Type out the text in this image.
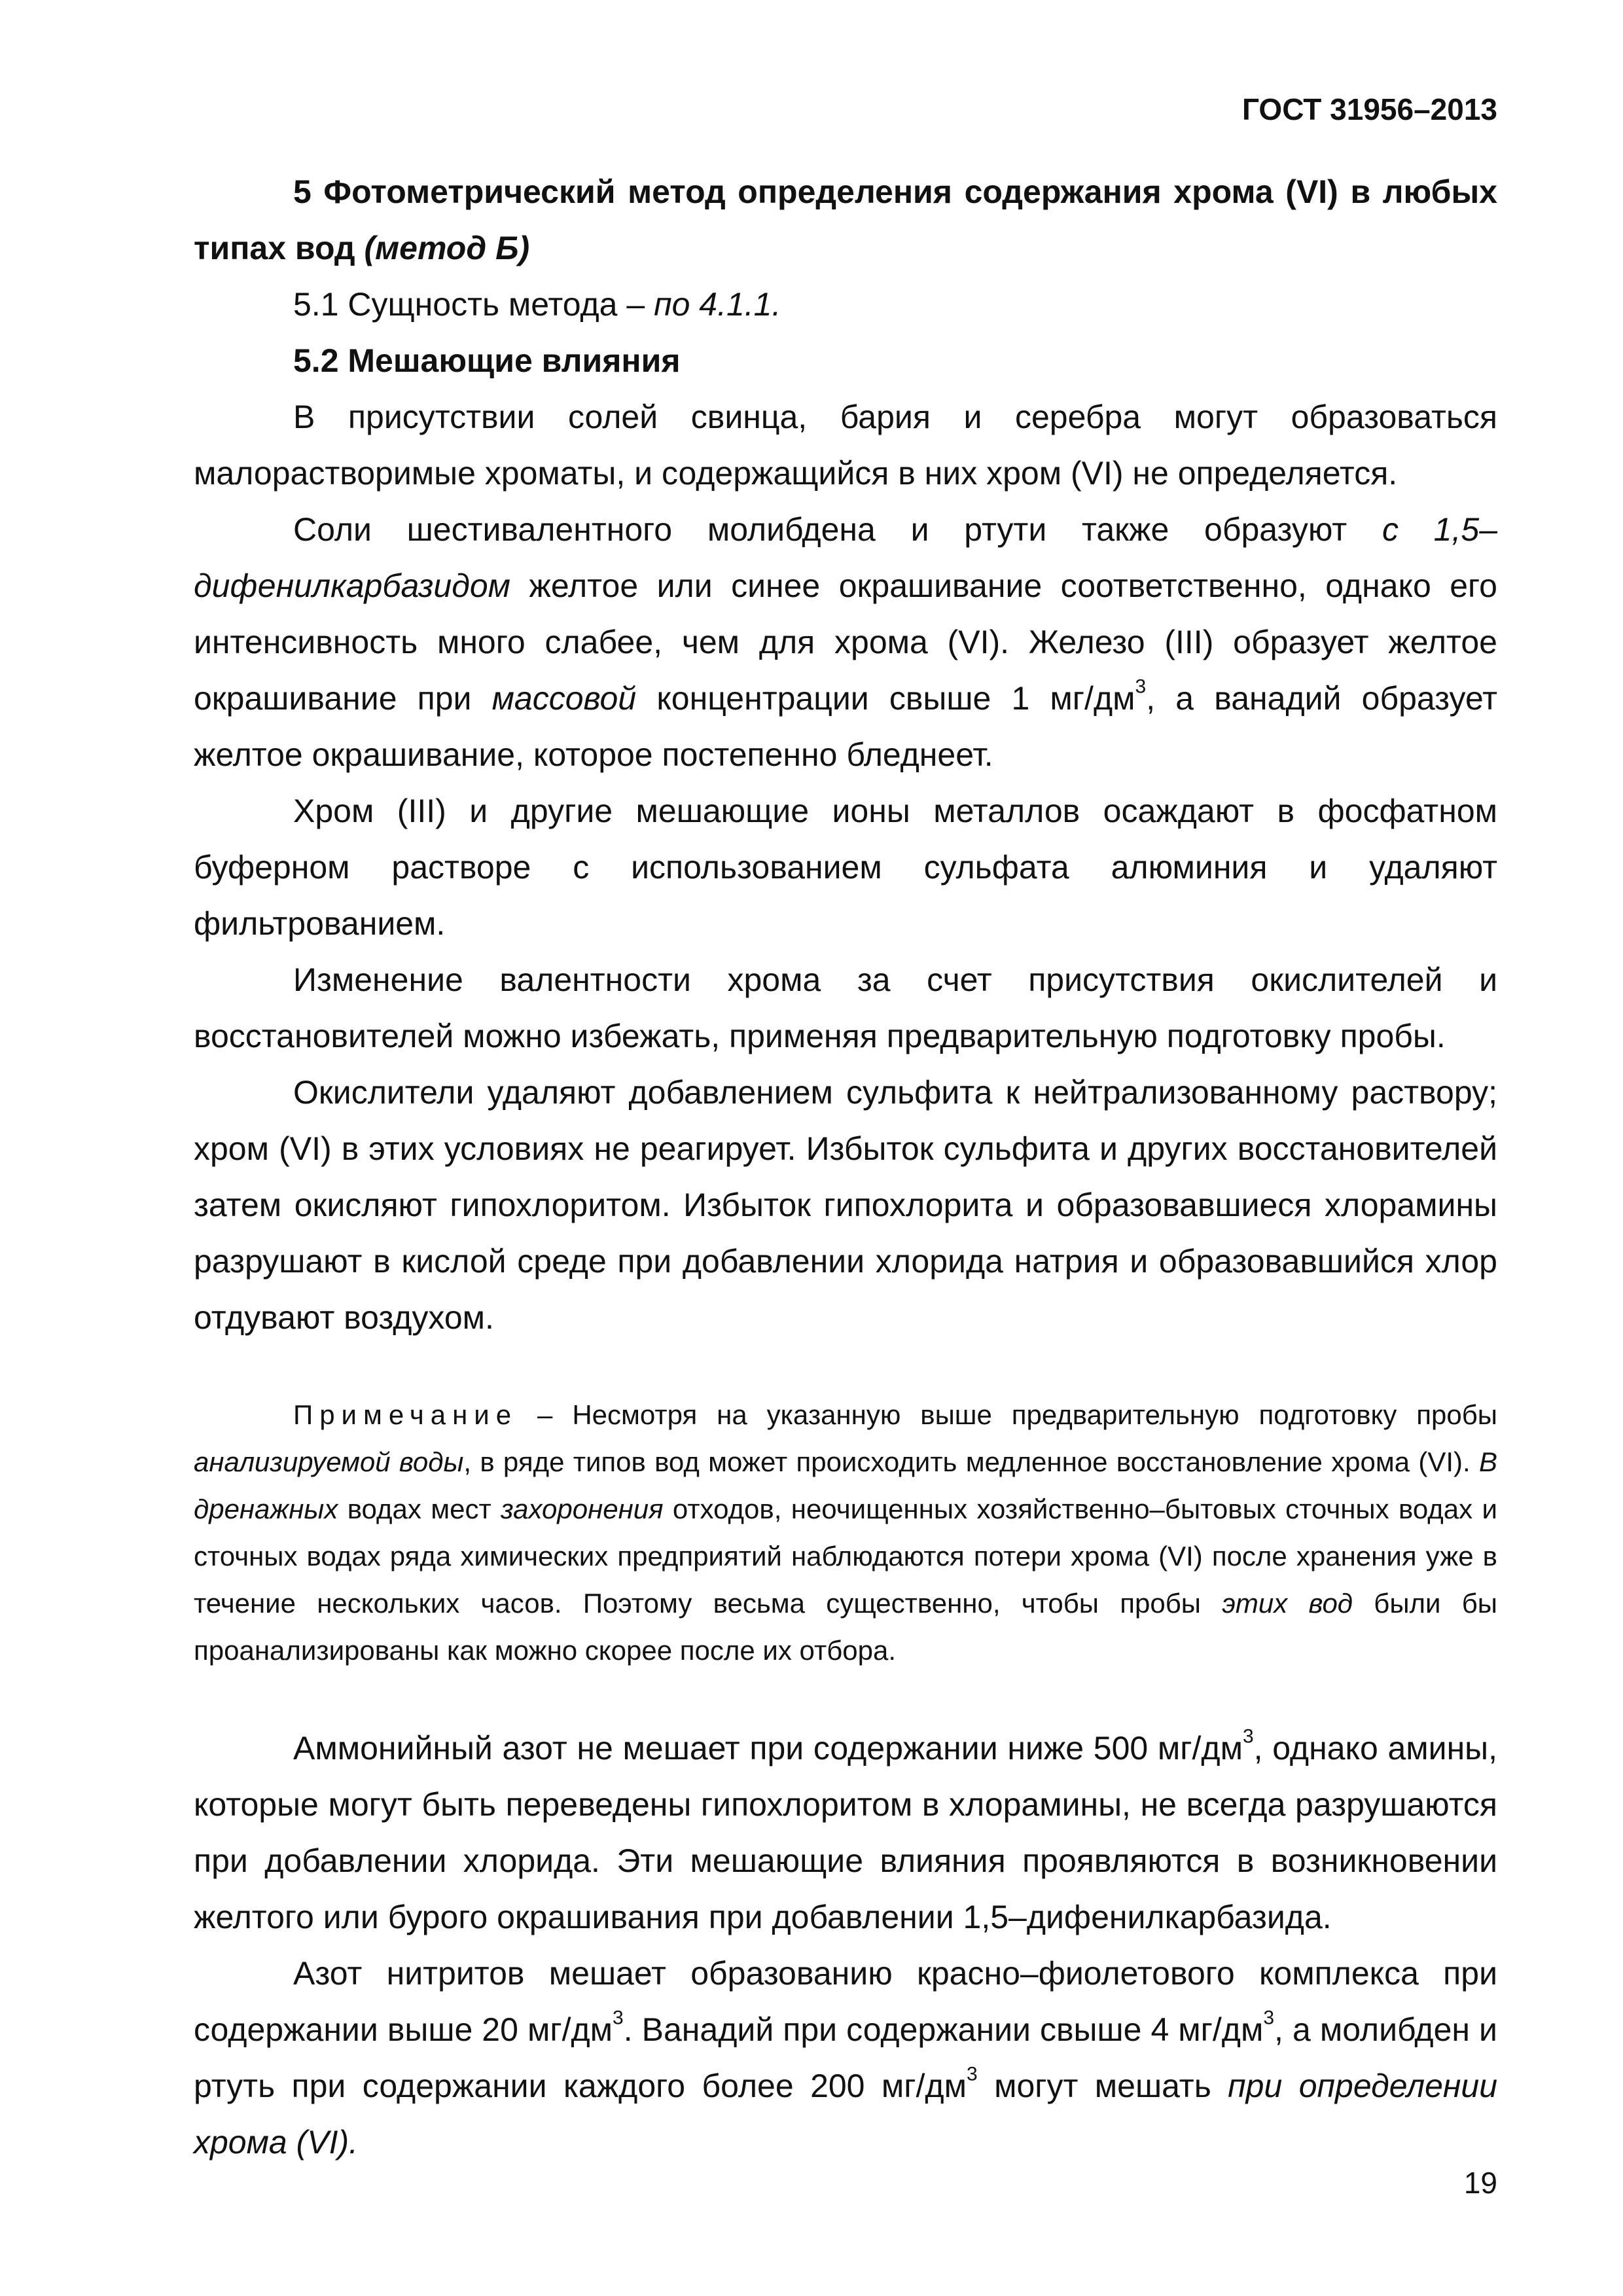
ГОСТ 31956–2013

5 Фотометрический метод определения содержания хрома (VI) в любых типах вод (метод Б)

5.1 Сущность метода – по 4.1.1.

5.2 Мешающие влияния

В присутствии солей свинца, бария и серебра могут образоваться малорастворимые хроматы, и содержащийся в них хром (VI) не определяется.

Соли шестивалентного молибдена и ртути также образуют с 1,5–дифенилкарбазидом желтое или синее окрашивание соответственно, однако его интенсивность много слабее, чем для хрома (VI). Железо (III) образует желтое окрашивание при массовой концентрации свыше 1 $мг/дм^3$, а ванадий образует желтое окрашивание, которое постепенно бледнеет.

Хром (III) и другие мешающие ионы металлов осаждают в фосфатном буферном растворе с использованием сульфата алюминия и удаляют фильтрованием.

Изменение валентности хрома за счет присутствия окислителей и восстановителей можно избежать, применяя предварительную подготовку пробы.

Окислители удаляют добавлением сульфита к нейтрализованному раствору; хром (VI) в этих условиях не реагирует. Избыток сульфита и других восстановителей затем окисляют гипохлоритом. Избыток гипохлорита и образовавшиеся хлорамины разрушают в кислой среде при добавлении хлорида натрия и образовавшийся хлор отдувают воздухом.

Примечание – Несмотря на указанную выше предварительную подготовку пробы анализируемой воды, в ряде типов вод может происходить медленное восстановление хрома (VI). В дренажных водах мест захоронения отходов, неочищенных хозяйственно–бытовых сточных водах и сточных водах ряда химических предприятий наблюдаются потери хрома (VI) после хранения уже в течение нескольких часов. Поэтому весьма существенно, чтобы пробы этих вод были бы проанализированы как можно скорее после их отбора.

Аммонийный азот не мешает при содержании ниже 500 $мг/дм^3$, однако амины, которые могут быть переведены гипохлоритом в хлорамины, не всегда разрушаются при добавлении хлорида. Эти мешающие влияния проявляются в возникновении желтого или бурого окрашивания при добавлении 1,5–дифенилкарбазида.

Азот нитритов мешает образованию красно–фиолетового комплекса при содержании выше 20 $мг/дм^3$. Ванадий при содержании свыше 4 $мг/дм^3$, а молибден и ртуть при содержании каждого более 200 $мг/дм^3$ могут мешать при определении хрома (VI).

19
